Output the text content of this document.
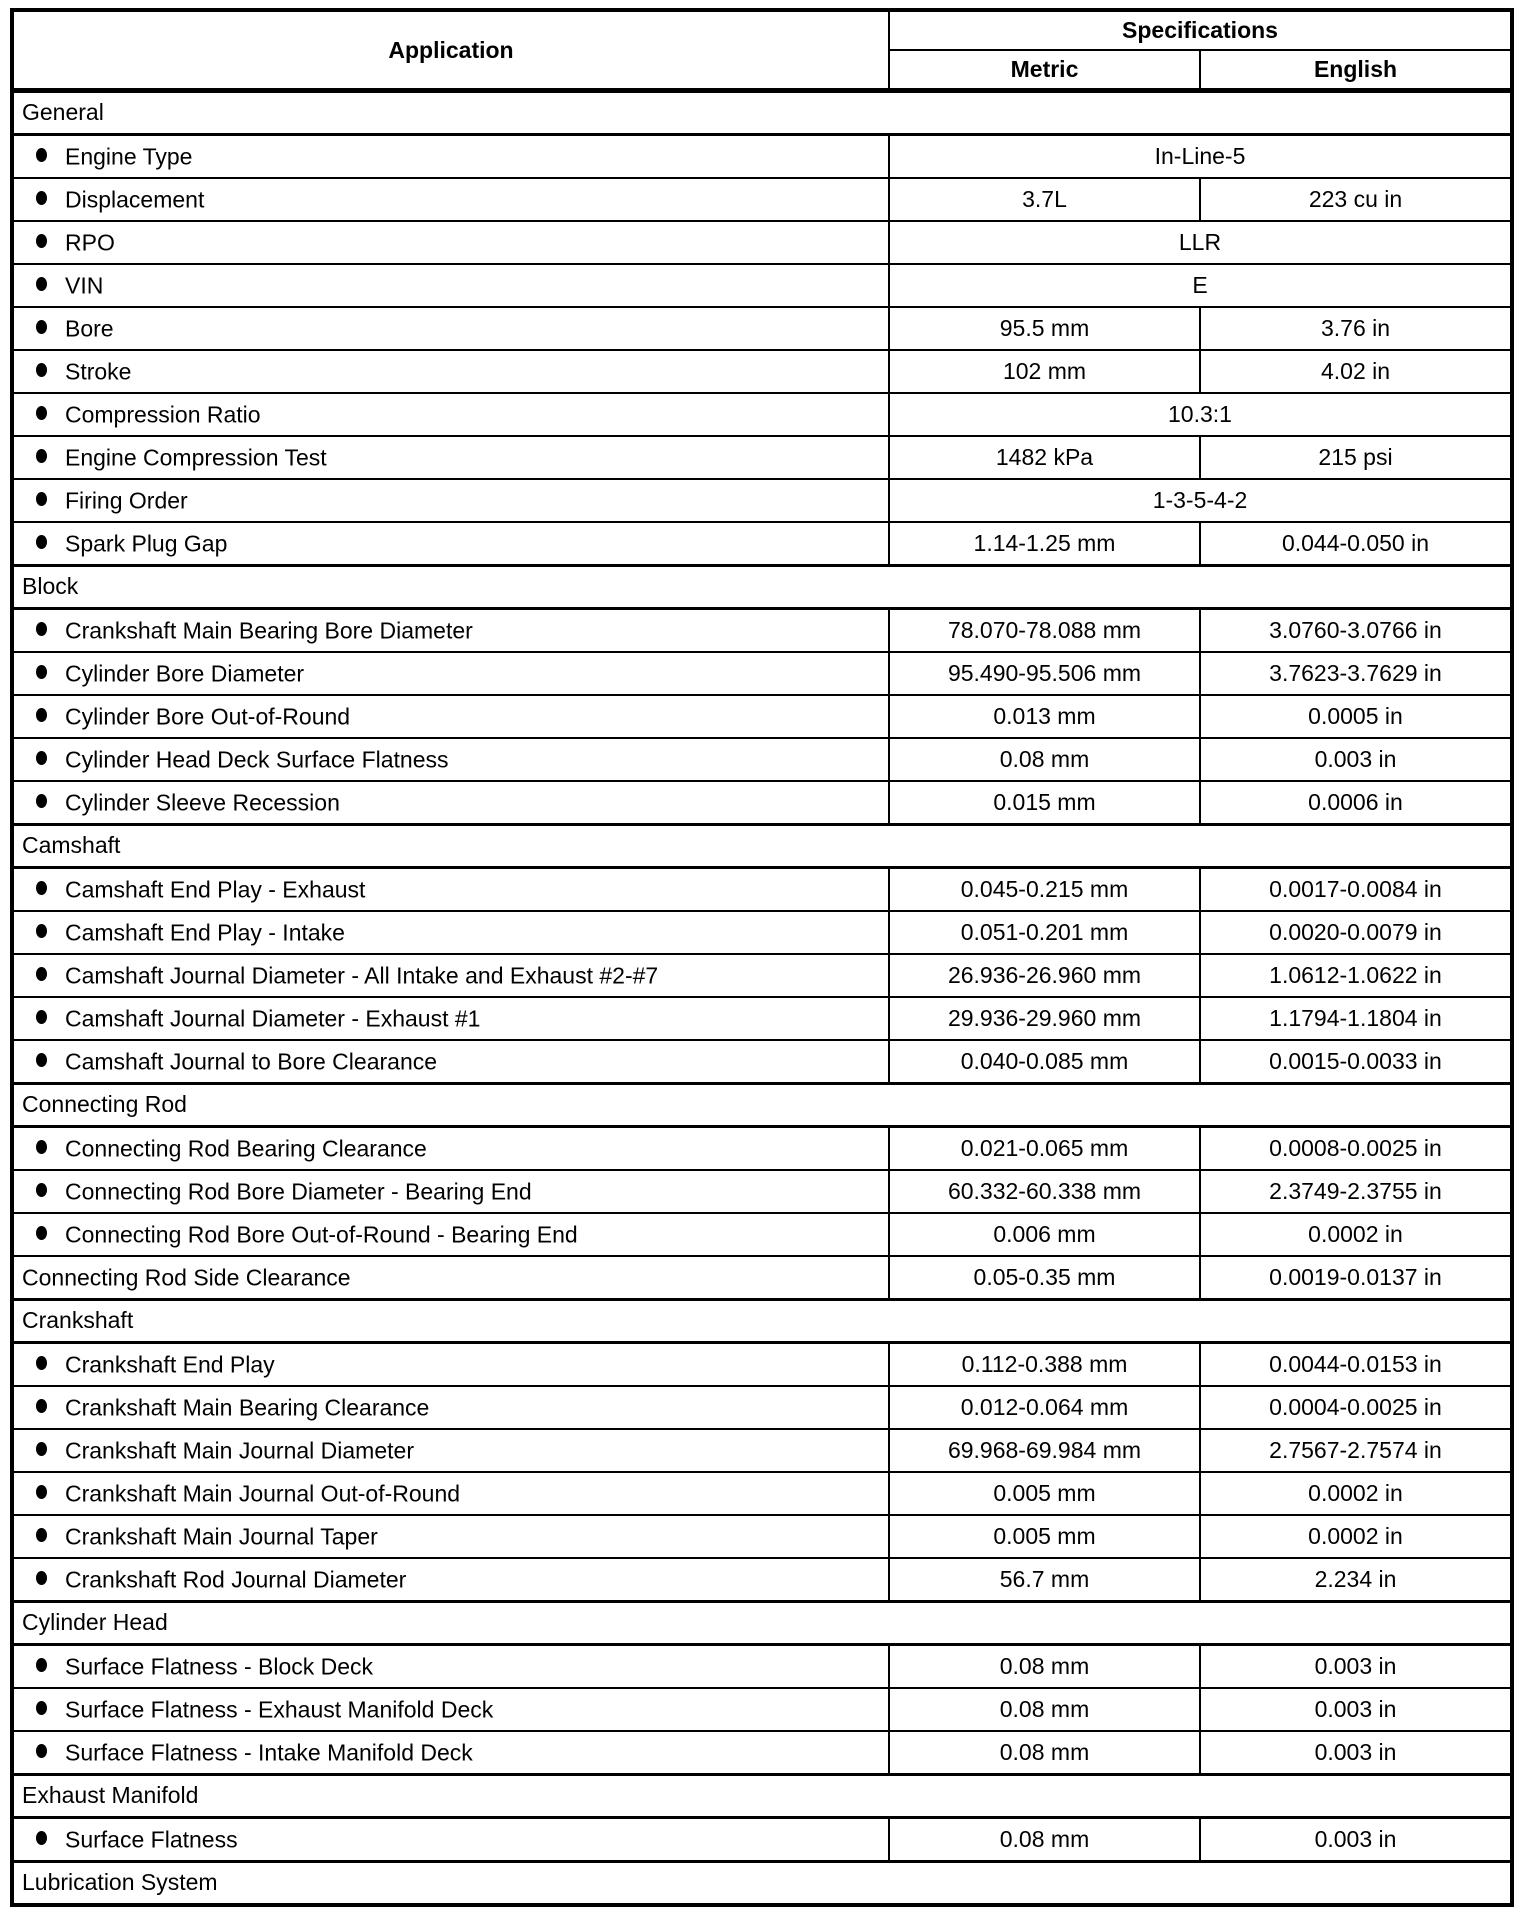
Application	Specifications	
	Metric	English
General		
Engine Type	In-Line-5	
Displacement	3.7L	223 cu in
RPO	LLR	
VIN	E	
Bore	95.5 mm	3.76 in
Stroke	102 mm	4.02 in
Compression Ratio	10.3:1	
Engine Compression Test	1482 kPa	215 psi
Firing Order	1-3-5-4-2	
Spark Plug Gap	1.14-1.25 mm	0.044-0.050 in
Block		
Crankshaft Main Bearing Bore Diameter	78.070-78.088 mm	3.0760-3.0766 in
Cylinder Bore Diameter	95.490-95.506 mm	3.7623-3.7629 in
Cylinder Bore Out-of-Round	0.013 mm	0.0005 in
Cylinder Head Deck Surface Flatness	0.08 mm	0.003 in
Cylinder Sleeve Recession	0.015 mm	0.0006 in
Camshaft		
Camshaft End Play - Exhaust	0.045-0.215 mm	0.0017-0.0084 in
Camshaft End Play - Intake	0.051-0.201 mm	0.0020-0.0079 in
Camshaft Journal Diameter - All Intake and Exhaust #2-#7	26.936-26.960 mm	1.0612-1.0622 in
Camshaft Journal Diameter - Exhaust #1	29.936-29.960 mm	1.1794-1.1804 in
Camshaft Journal to Bore Clearance	0.040-0.085 mm	0.0015-0.0033 in
Connecting Rod		
Connecting Rod Bearing Clearance	0.021-0.065 mm	0.0008-0.0025 in
Connecting Rod Bore Diameter - Bearing End	60.332-60.338 mm	2.3749-2.3755 in
Connecting Rod Bore Out-of-Round - Bearing End	0.006 mm	0.0002 in
Connecting Rod Side Clearance	0.05-0.35 mm	0.0019-0.0137 in
Crankshaft		
Crankshaft End Play	0.112-0.388 mm	0.0044-0.0153 in
Crankshaft Main Bearing Clearance	0.012-0.064 mm	0.0004-0.0025 in
Crankshaft Main Journal Diameter	69.968-69.984 mm	2.7567-2.7574 in
Crankshaft Main Journal Out-of-Round	0.005 mm	0.0002 in
Crankshaft Main Journal Taper	0.005 mm	0.0002 in
Crankshaft Rod Journal Diameter	56.7 mm	2.234 in
Cylinder Head		
Surface Flatness - Block Deck	0.08 mm	0.003 in
Surface Flatness - Exhaust Manifold Deck	0.08 mm	0.003 in
Surface Flatness - Intake Manifold Deck	0.08 mm	0.003 in
Exhaust Manifold		
Surface Flatness	0.08 mm	0.003 in
Lubrication System		
